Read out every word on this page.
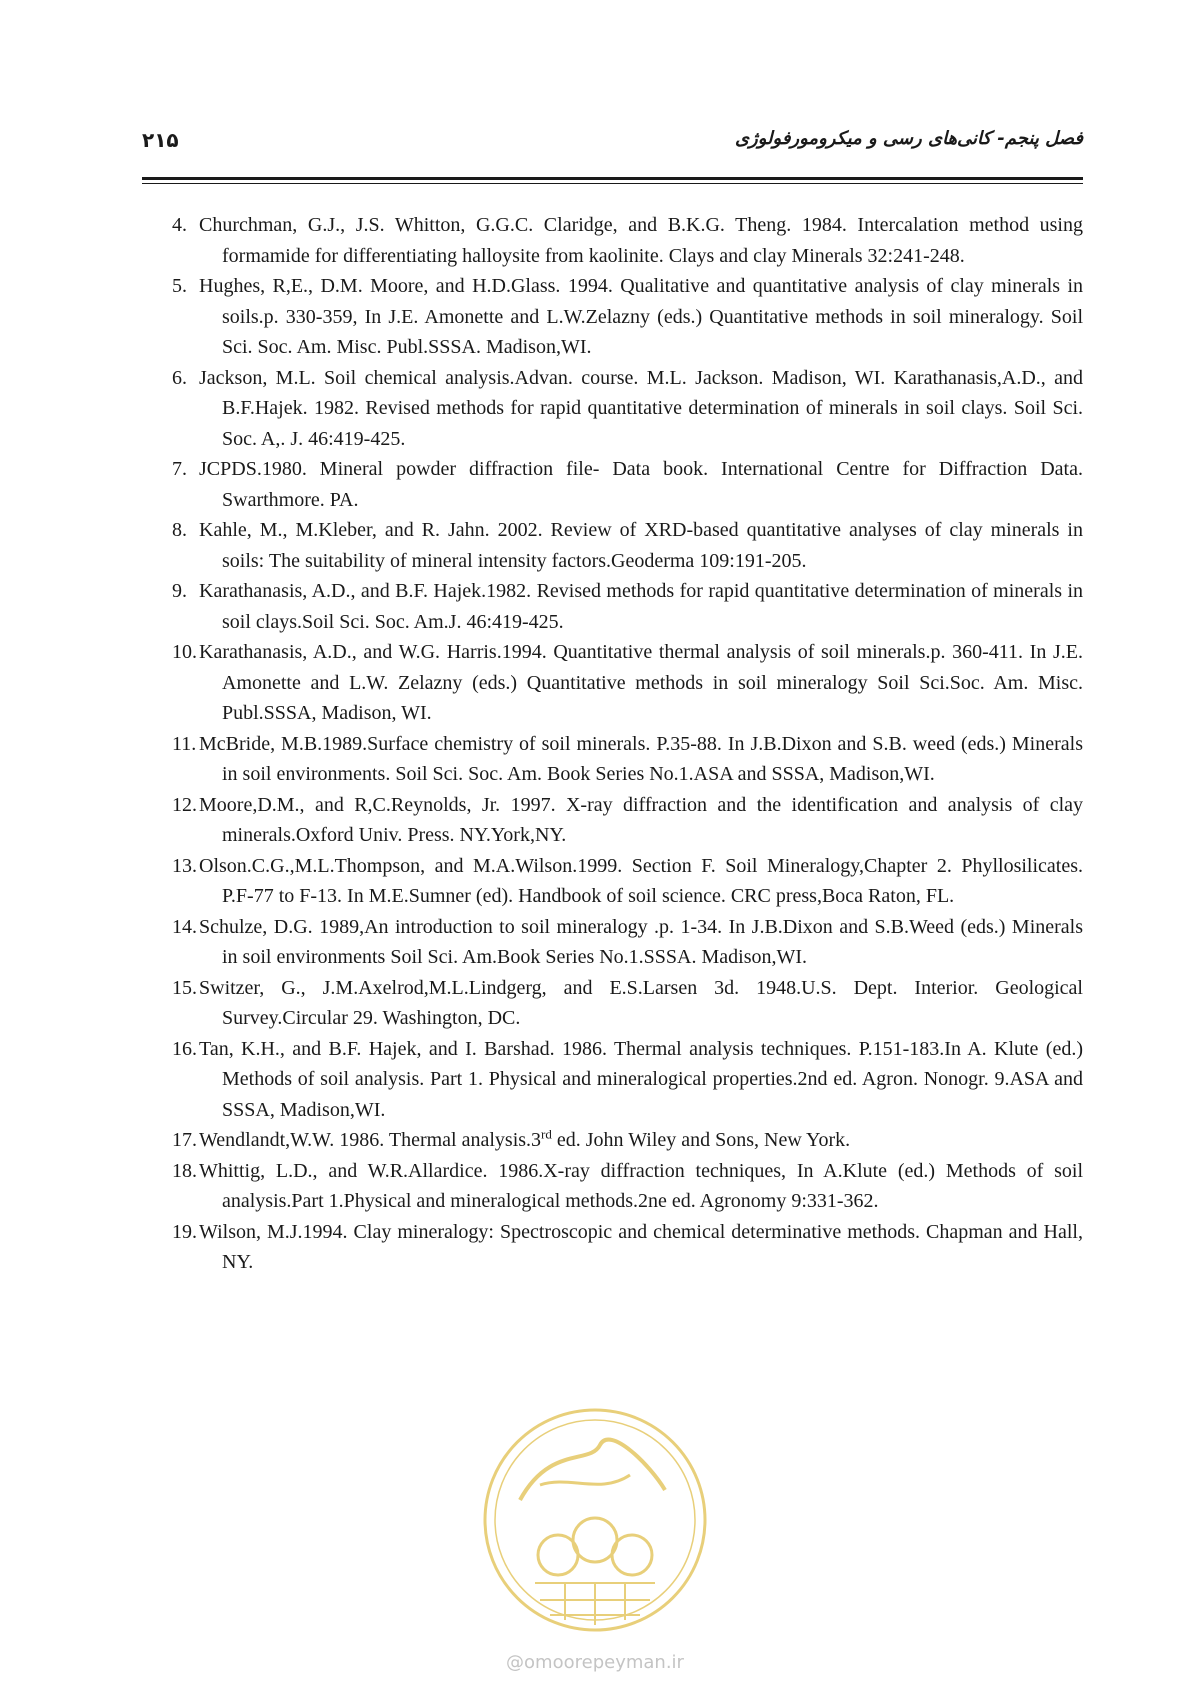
۲۱۵	فصل پنجم- کانی‌های رسی و میکرومورفولوژی
4. Churchman, G.J., J.S. Whitton, G.G.C. Claridge, and B.K.G. Theng. 1984. Intercalation method using formamide for differentiating halloysite from kaolinite. Clays and clay Minerals 32:241-248.
5. Hughes, R,E., D.M. Moore, and H.D.Glass. 1994. Qualitative and quantitative analysis of clay minerals in soils.p. 330-359, In J.E. Amonette and L.W.Zelazny (eds.) Quantitative methods in soil mineralogy. Soil Sci. Soc. Am. Misc. Publ.SSSA. Madison,WI.
6. Jackson, M.L. Soil chemical analysis.Advan. course. M.L. Jackson. Madison, WI. Karathanasis,A.D., and B.F.Hajek. 1982. Revised methods for rapid quantitative determination of minerals in soil clays. Soil Sci. Soc. A,. J. 46:419-425.
7. JCPDS.1980. Mineral powder diffraction file- Data book. International Centre for Diffraction Data. Swarthmore. PA.
8. Kahle, M., M.Kleber, and R. Jahn. 2002. Review of XRD-based quantitative analyses of clay minerals in soils: The suitability of mineral intensity factors.Geoderma 109:191-205.
9. Karathanasis, A.D., and B.F. Hajek.1982. Revised methods for rapid quantitative determination of minerals in soil clays.Soil Sci. Soc. Am.J. 46:419-425.
10. Karathanasis, A.D., and W.G. Harris.1994. Quantitative thermal analysis of soil minerals.p. 360-411. In J.E. Amonette and L.W. Zelazny (eds.) Quantitative methods in soil mineralogy Soil Sci.Soc. Am. Misc. Publ.SSSA, Madison, WI.
11. McBride, M.B.1989.Surface chemistry of soil minerals. P.35-88. In J.B.Dixon and S.B. weed (eds.) Minerals in soil environments. Soil Sci. Soc. Am. Book Series No.1.ASA and SSSA, Madison,WI.
12. Moore,D.M., and R,C.Reynolds, Jr. 1997. X-ray diffraction and the identification and analysis of clay minerals.Oxford Univ. Press. NY.York,NY.
13. Olson.C.G.,M.L.Thompson, and M.A.Wilson.1999. Section F. Soil Mineralogy,Chapter 2. Phyllosilicates. P.F-77 to F-13. In M.E.Sumner (ed). Handbook of soil science. CRC press,Boca Raton, FL.
14. Schulze, D.G. 1989,An introduction to soil mineralogy .p. 1-34. In J.B.Dixon and S.B.Weed (eds.) Minerals in soil environments Soil Sci. Am.Book Series No.1.SSSA. Madison,WI.
15. Switzer, G., J.M.Axelrod,M.L.Lindgerg, and E.S.Larsen 3d. 1948.U.S. Dept. Interior. Geological Survey.Circular 29. Washington, DC.
16. Tan, K.H., and B.F. Hajek, and I. Barshad. 1986. Thermal analysis techniques. P.151-183.In A. Klute (ed.) Methods of soil analysis. Part 1. Physical and mineralogical properties.2nd ed. Agron. Nonogr. 9.ASA and SSSA, Madison,WI.
17. Wendlandt,W.W. 1986. Thermal analysis.3rd ed. John Wiley and Sons, New York.
18. Whittig, L.D., and W.R.Allardice. 1986.X-ray diffraction techniques, In A.Klute (ed.) Methods of soil analysis.Part 1.Physical and mineralogical methods.2ne ed. Agronomy 9:331-362.
19. Wilson, M.J.1994. Clay mineralogy: Spectroscopic and chemical determinative methods. Chapman and Hall, NY.
@omoorepeyman.ir
